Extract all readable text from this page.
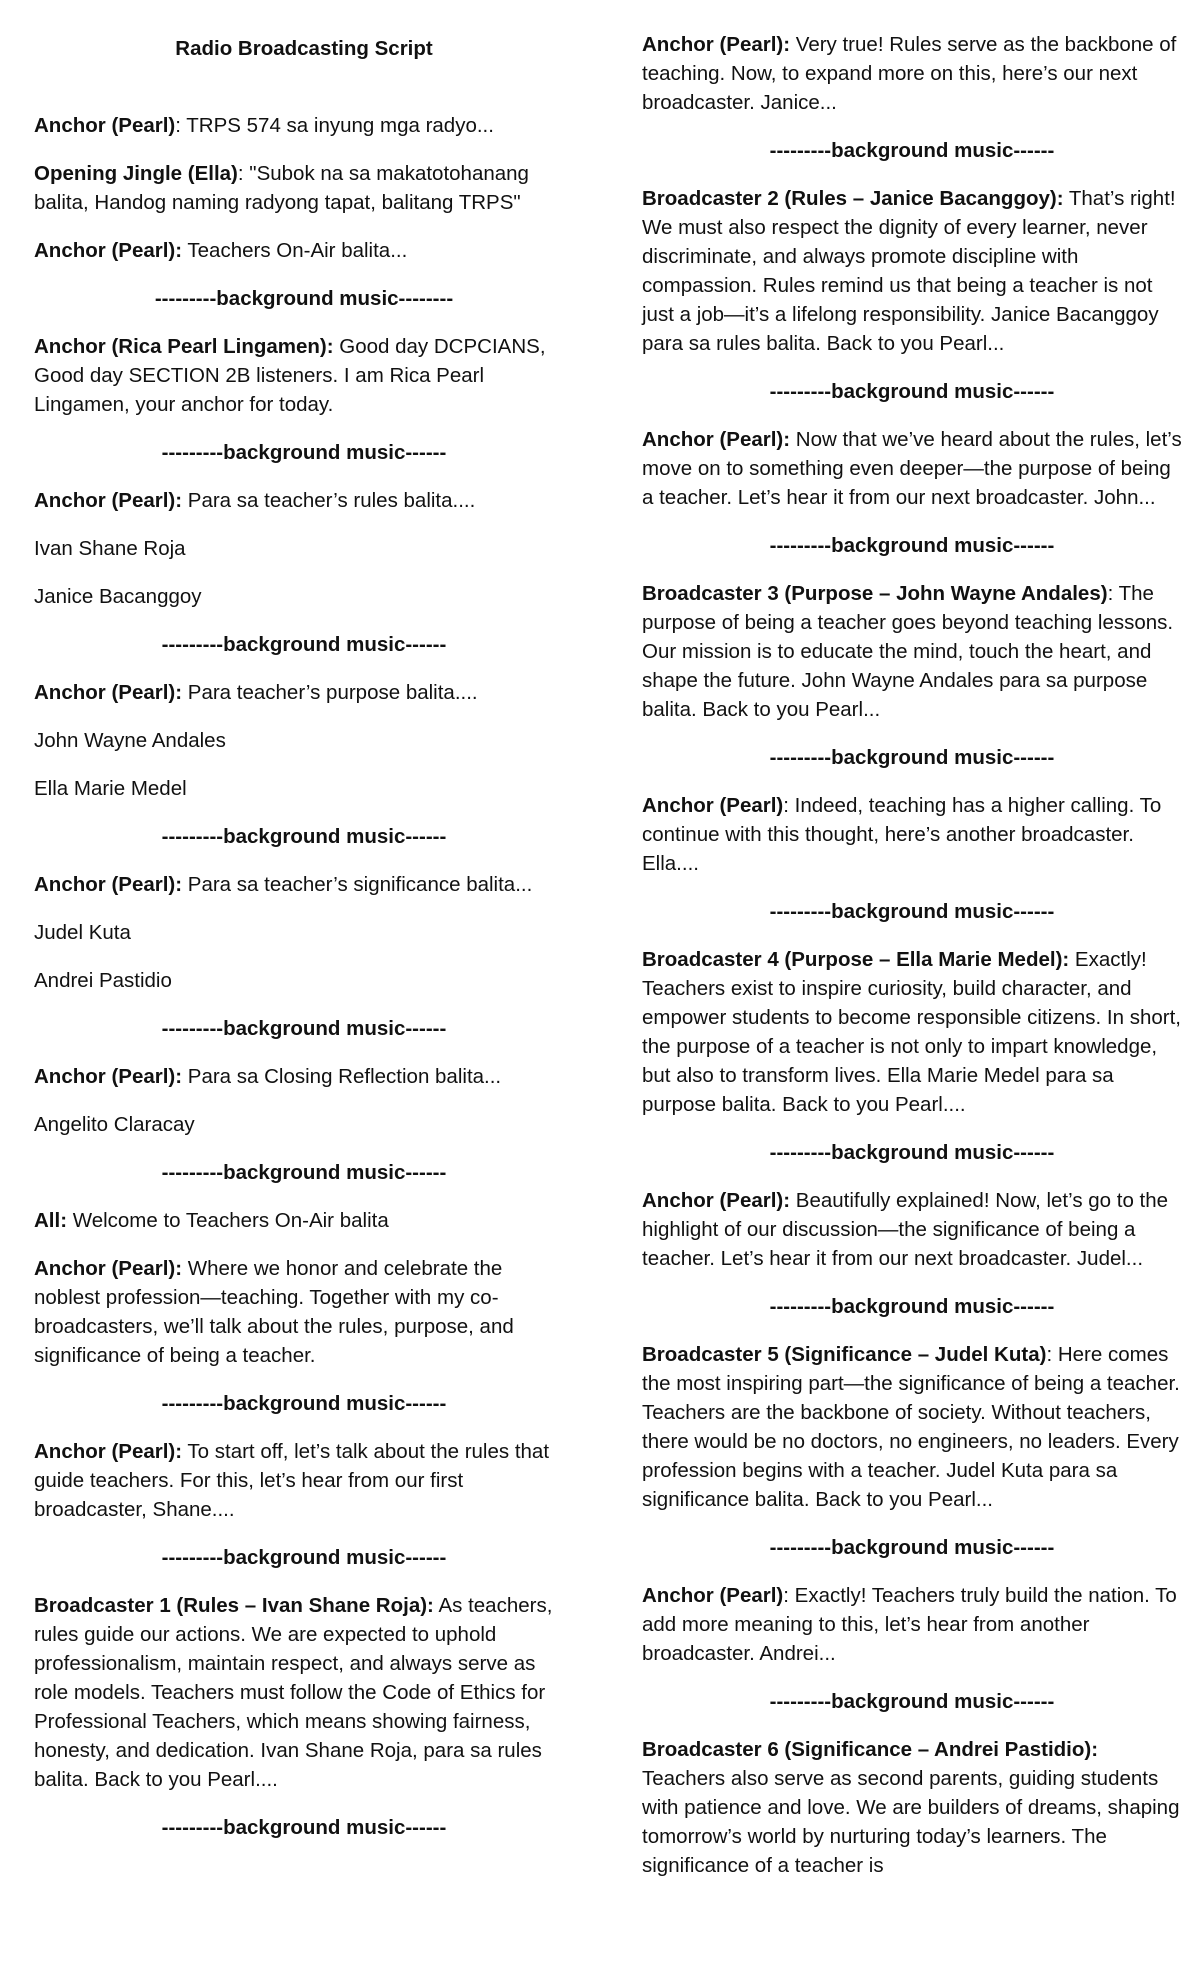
Radio Broadcasting Script

Anchor (Pearl): TRPS 574 sa inyung mga radyo...

Opening Jingle (Ella): "Subok na sa makatotohanang balita, Handog naming radyong tapat, balitang TRPS"

Anchor (Pearl): Teachers On-Air balita...

---------background music--------

Anchor (Rica Pearl Lingamen): Good day DCPCIANS, Good day SECTION 2B listeners. I am Rica Pearl Lingamen, your anchor for today.

---------background music------

Anchor (Pearl): Para sa teacher’s rules balita....

Ivan Shane Roja
Janice Bacanggoy
---------background music------

Anchor (Pearl): Para teacher’s purpose balita....

John Wayne Andales
Ella Marie Medel
---------background music------

Anchor (Pearl): Para sa teacher’s significance balita...

Judel Kuta
Andrei Pastidio
---------background music------

Anchor (Pearl): Para sa Closing Reflection balita...

Angelito Claracay
---------background music------

All: Welcome to Teachers On-Air balita

Anchor (Pearl): Where we honor and celebrate the noblest profession—teaching. Together with my co-broadcasters, we’ll talk about the rules, purpose, and significance of being a teacher.

---------background music------

Anchor (Pearl): To start off, let’s talk about the rules that guide teachers. For this, let’s hear from our first broadcaster, Shane....

---------background music------

Broadcaster 1 (Rules – Ivan Shane Roja): As teachers, rules guide our actions. We are expected to uphold professionalism, maintain respect, and always serve as role models. Teachers must follow the Code of Ethics for Professional Teachers, which means showing fairness, honesty, and dedication. Ivan Shane Roja, para sa rules balita. Back to you Pearl....

---------background music------

Anchor (Pearl): Very true! Rules serve as the backbone of teaching. Now, to expand more on this, here’s our next broadcaster. Janice...

---------background music------

Broadcaster 2 (Rules – Janice Bacanggoy): That’s right! We must also respect the dignity of every learner, never discriminate, and always promote discipline with compassion. Rules remind us that being a teacher is not just a job—it’s a lifelong responsibility. Janice Bacanggoy para sa rules balita. Back to you Pearl...

---------background music------

Anchor (Pearl): Now that we’ve heard about the rules, let’s move on to something even deeper—the purpose of being a teacher. Let’s hear it from our next broadcaster. John...

---------background music------

Broadcaster 3 (Purpose – John Wayne Andales): The purpose of being a teacher goes beyond teaching lessons. Our mission is to educate the mind, touch the heart, and shape the future. John Wayne Andales para sa purpose balita. Back to you Pearl...

---------background music------

Anchor (Pearl): Indeed, teaching has a higher calling. To continue with this thought, here’s another broadcaster. Ella....

---------background music------

Broadcaster 4 (Purpose – Ella Marie Medel): Exactly! Teachers exist to inspire curiosity, build character, and empower students to become responsible citizens. In short, the purpose of a teacher is not only to impart knowledge, but also to transform lives. Ella Marie Medel para sa purpose balita. Back to you Pearl....

---------background music------

Anchor (Pearl): Beautifully explained! Now, let’s go to the highlight of our discussion—the significance of being a teacher. Let’s hear it from our next broadcaster. Judel...

---------background music------

Broadcaster 5 (Significance – Judel Kuta): Here comes the most inspiring part—the significance of being a teacher. Teachers are the backbone of society. Without teachers, there would be no doctors, no engineers, no leaders. Every profession begins with a teacher. Judel Kuta para sa significance balita. Back to you Pearl...

---------background music------

Anchor (Pearl): Exactly! Teachers truly build the nation. To add more meaning to this, let’s hear from another broadcaster. Andrei...

---------background music------

Broadcaster 6 (Significance – Andrei Pastidio): Teachers also serve as second parents, guiding students with patience and love. We are builders of dreams, shaping tomorrow’s world by nurturing today’s learners. The significance of a teacher is
